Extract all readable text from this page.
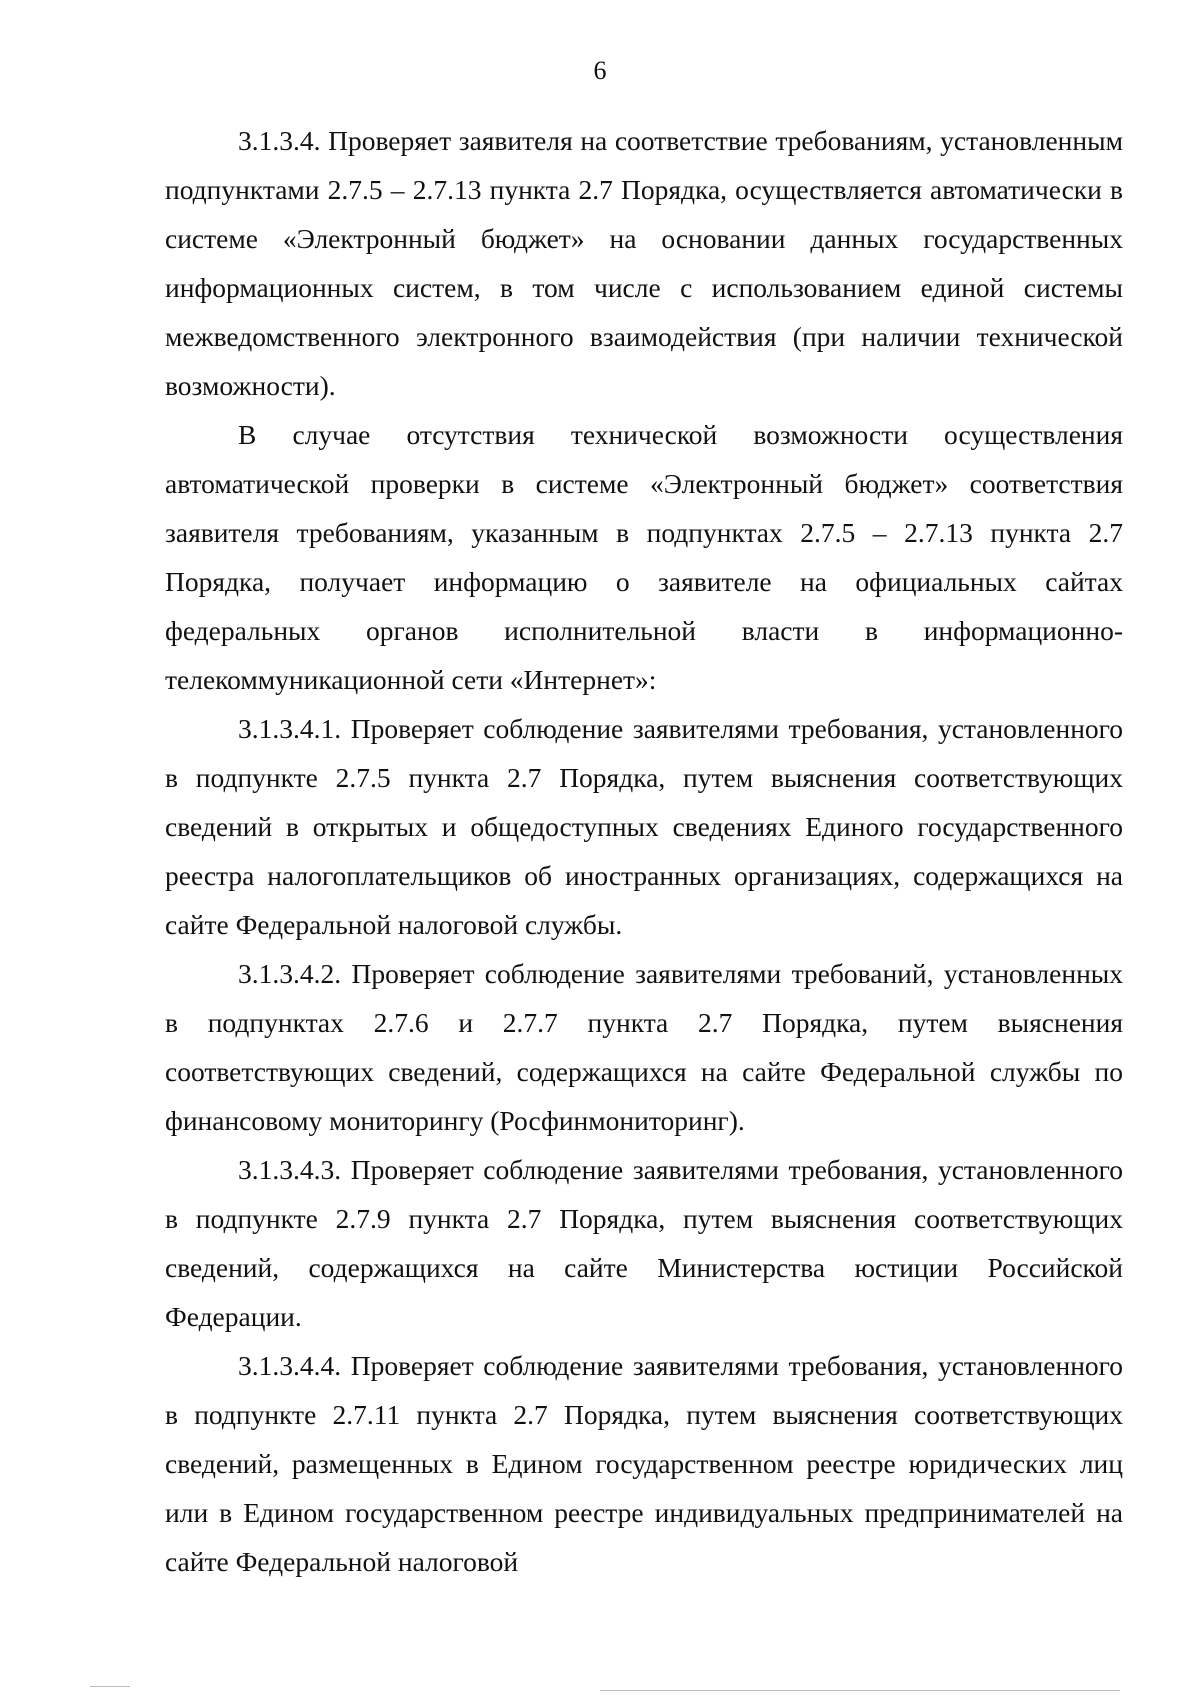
6

3.1.3.4. Проверяет заявителя на соответствие требованиям, установленным подпунктами 2.7.5 – 2.7.13 пункта 2.7 Порядка, осуществляется автоматически в системе «Электронный бюджет» на основании данных государственных информационных систем, в том числе с использованием единой системы межведомственного электронного взаимодействия (при наличии технической возможности).

В случае отсутствия технической возможности осуществления автоматической проверки в системе «Электронный бюджет» соответствия заявителя требованиям, указанным в подпунктах 2.7.5 – 2.7.13 пункта 2.7 Порядка, получает информацию о заявителе на официальных сайтах федеральных органов исполнительной власти в информационно-телекоммуникационной сети «Интернет»:

3.1.3.4.1. Проверяет соблюдение заявителями требования, установленного в подпункте 2.7.5 пункта 2.7 Порядка, путем выяснения соответствующих сведений в открытых и общедоступных сведениях Единого государственного реестра налогоплательщиков об иностранных организациях, содержащихся на сайте Федеральной налоговой службы.

3.1.3.4.2. Проверяет соблюдение заявителями требований, установленных в подпунктах 2.7.6 и 2.7.7 пункта 2.7 Порядка, путем выяснения соответствующих сведений, содержащихся на сайте Федеральной службы по финансовому мониторингу (Росфинмониторинг).

3.1.3.4.3. Проверяет соблюдение заявителями требования, установленного в подпункте 2.7.9 пункта 2.7 Порядка, путем выяснения соответствующих сведений, содержащихся на сайте Министерства юстиции Российской Федерации.

3.1.3.4.4. Проверяет соблюдение заявителями требования, установленного в подпункте 2.7.11 пункта 2.7 Порядка, путем выяснения соответствующих сведений, размещенных в Едином государственном реестре юридических лиц или в Едином государственном реестре индивидуальных предпринимателей на сайте Федеральной налоговой
